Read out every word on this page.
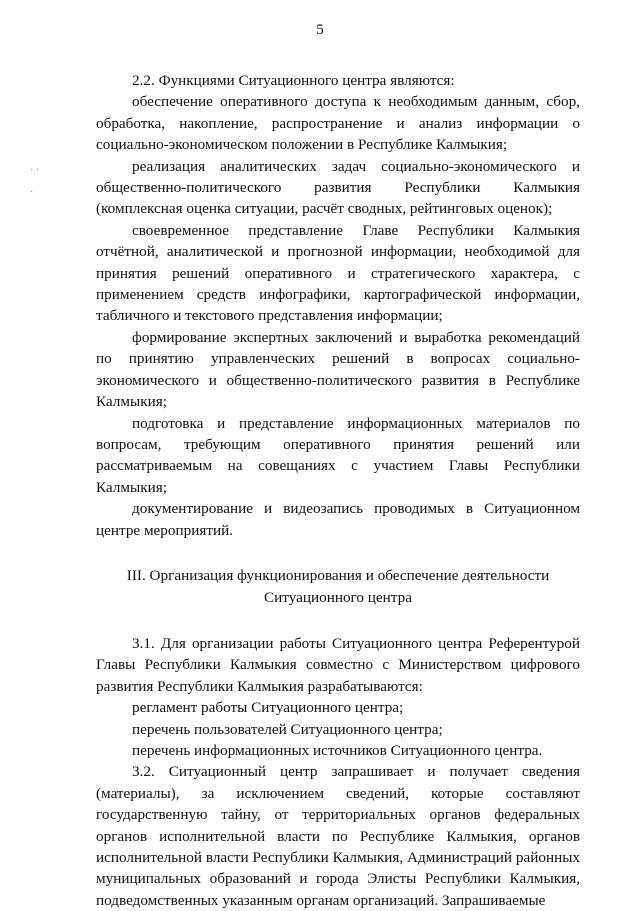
5
· ·

·

2.2. Функциями Ситуационного центра являются:

обеспечение оперативного доступа к необходимым данным, сбор, обработка, накопление, распространение и анализ информации о социально-экономическом положении в Республике Калмыкия;

реализация аналитических задач социально-экономического и общественно-политического развития Республики Калмыкия (комплексная оценка ситуации, расчёт сводных, рейтинговых оценок);

своевременное представление Главе Республики Калмыкия отчётной, аналитической и прогнозной информации, необходимой для принятия решений оперативного и стратегического характера, с применением средств инфографики, картографической информации, табличного и текстового представления информации;

формирование экспертных заключений и выработка рекомендаций по принятию управленческих решений в вопросах социально-экономического и общественно-политического развития в Республике Калмыкия;

подготовка и представление информационных материалов по вопросам, требующим оперативного принятия решений или рассматриваемым на совещаниях с участием Главы Республики Калмыкия;

документирование и видеозапись проводимых в Ситуационном центре мероприятий.

III. Организация функционирования и обеспечение деятельности
Ситуационного центра

3.1. Для организации работы Ситуационного центра Референтурой Главы Республики Калмыкия совместно с Министерством цифрового развития Республики Калмыкия разрабатываются:

регламент работы Ситуационного центра;

перечень пользователей Ситуационного центра;

перечень информационных источников Ситуационного центра.

3.2. Ситуационный центр запрашивает и получает сведения (материалы), за исключением сведений, которые составляют государственную тайну, от территориальных органов федеральных органов исполнительной власти по Республике Калмыкия, органов исполнительной власти Республики Калмыкия, Администраций районных муниципальных образований и города Элисты Республики Калмыкия, подведомственных указанным органам организаций. Запрашиваемые
